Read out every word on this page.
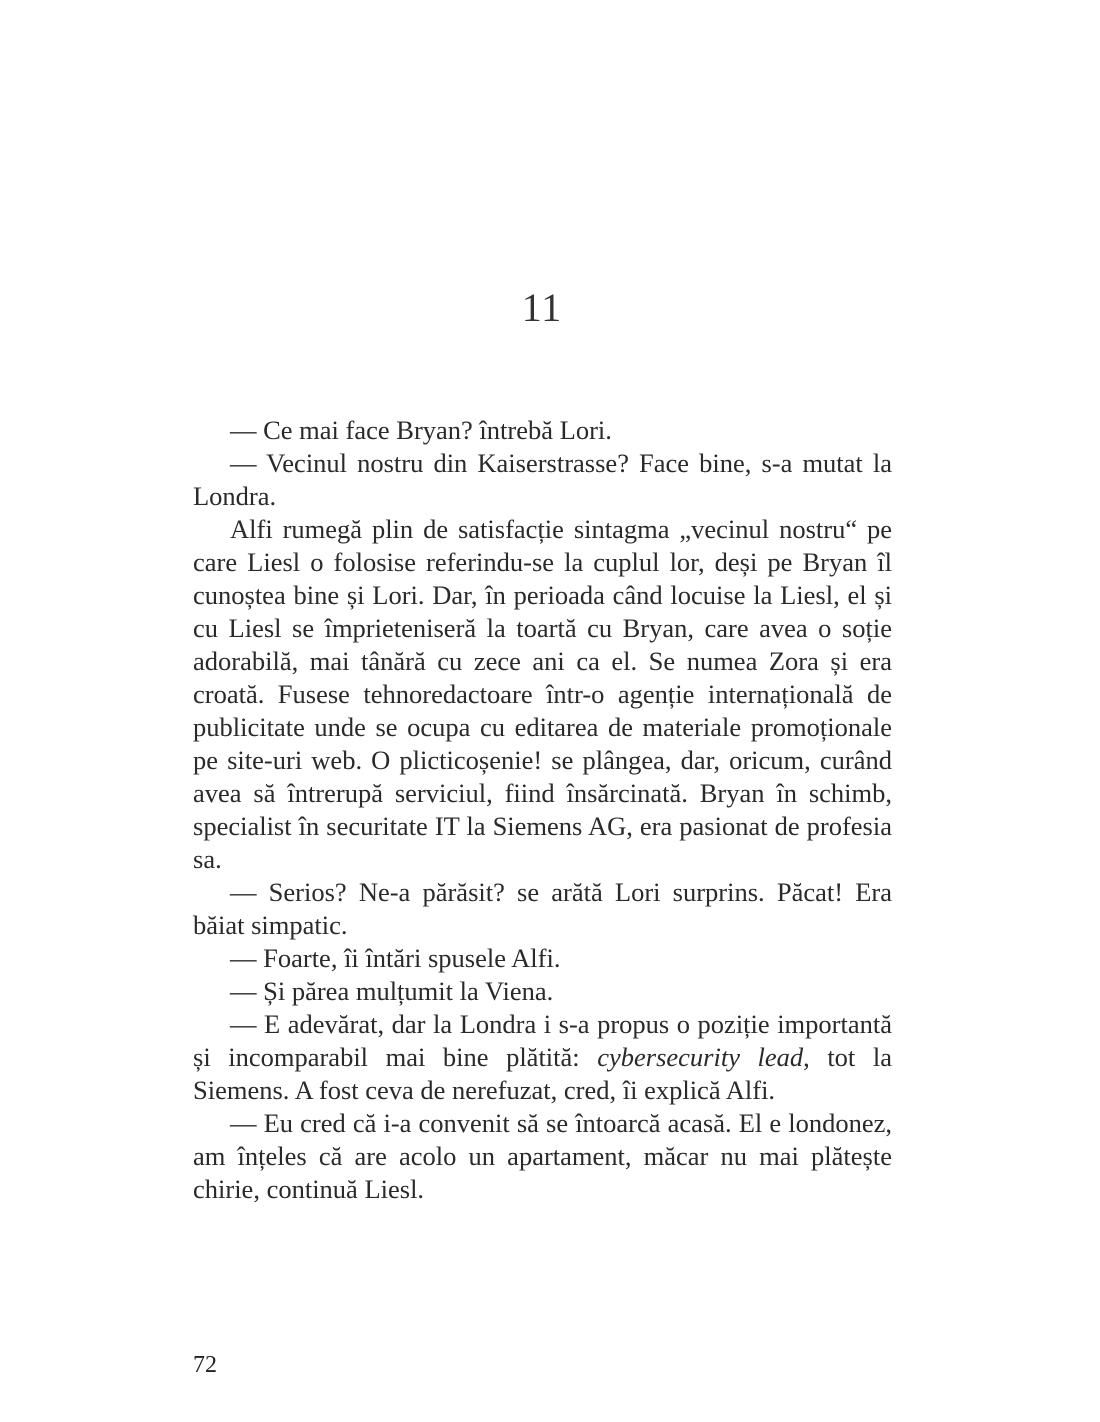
11

— Ce mai face Bryan? întrebă Lori.

— Vecinul nostru din Kaiserstrasse? Face bine, s-a mutat la Londra.

Alfi rumegă plin de satisfacție sintagma „vecinul nostru“ pe care Liesl o folosise referindu-se la cuplul lor, deși pe Bryan îl cunoștea bine și Lori. Dar, în perioada când locuise la Liesl, el și cu Liesl se împrieteniseră la toartă cu Bryan, care avea o soție adorabilă, mai tânără cu zece ani ca el. Se numea Zora și era croată. Fusese tehnoredactoare într-o agenție internațională de publicitate unde se ocupa cu editarea de materiale promoționale pe site-uri web. O plicticoșenie! se plângea, dar, oricum, curând avea să întrerupă serviciul, fiind însărcinată. Bryan în schimb, specialist în securitate IT la Siemens AG, era pasionat de profesia sa.

— Serios? Ne-a părăsit? se arătă Lori surprins. Păcat! Era băiat simpatic.

— Foarte, îi întări spusele Alfi.

— Și părea mulțumit la Viena.

— E adevărat, dar la Londra i s-a propus o poziție importantă și incomparabil mai bine plătită: cybersecurity lead, tot la Siemens. A fost ceva de nerefuzat, cred, îi explică Alfi.

— Eu cred că i-a convenit să se întoarcă acasă. El e londonez, am înțeles că are acolo un apartament, măcar nu mai plătește chirie, continuă Liesl.

72
